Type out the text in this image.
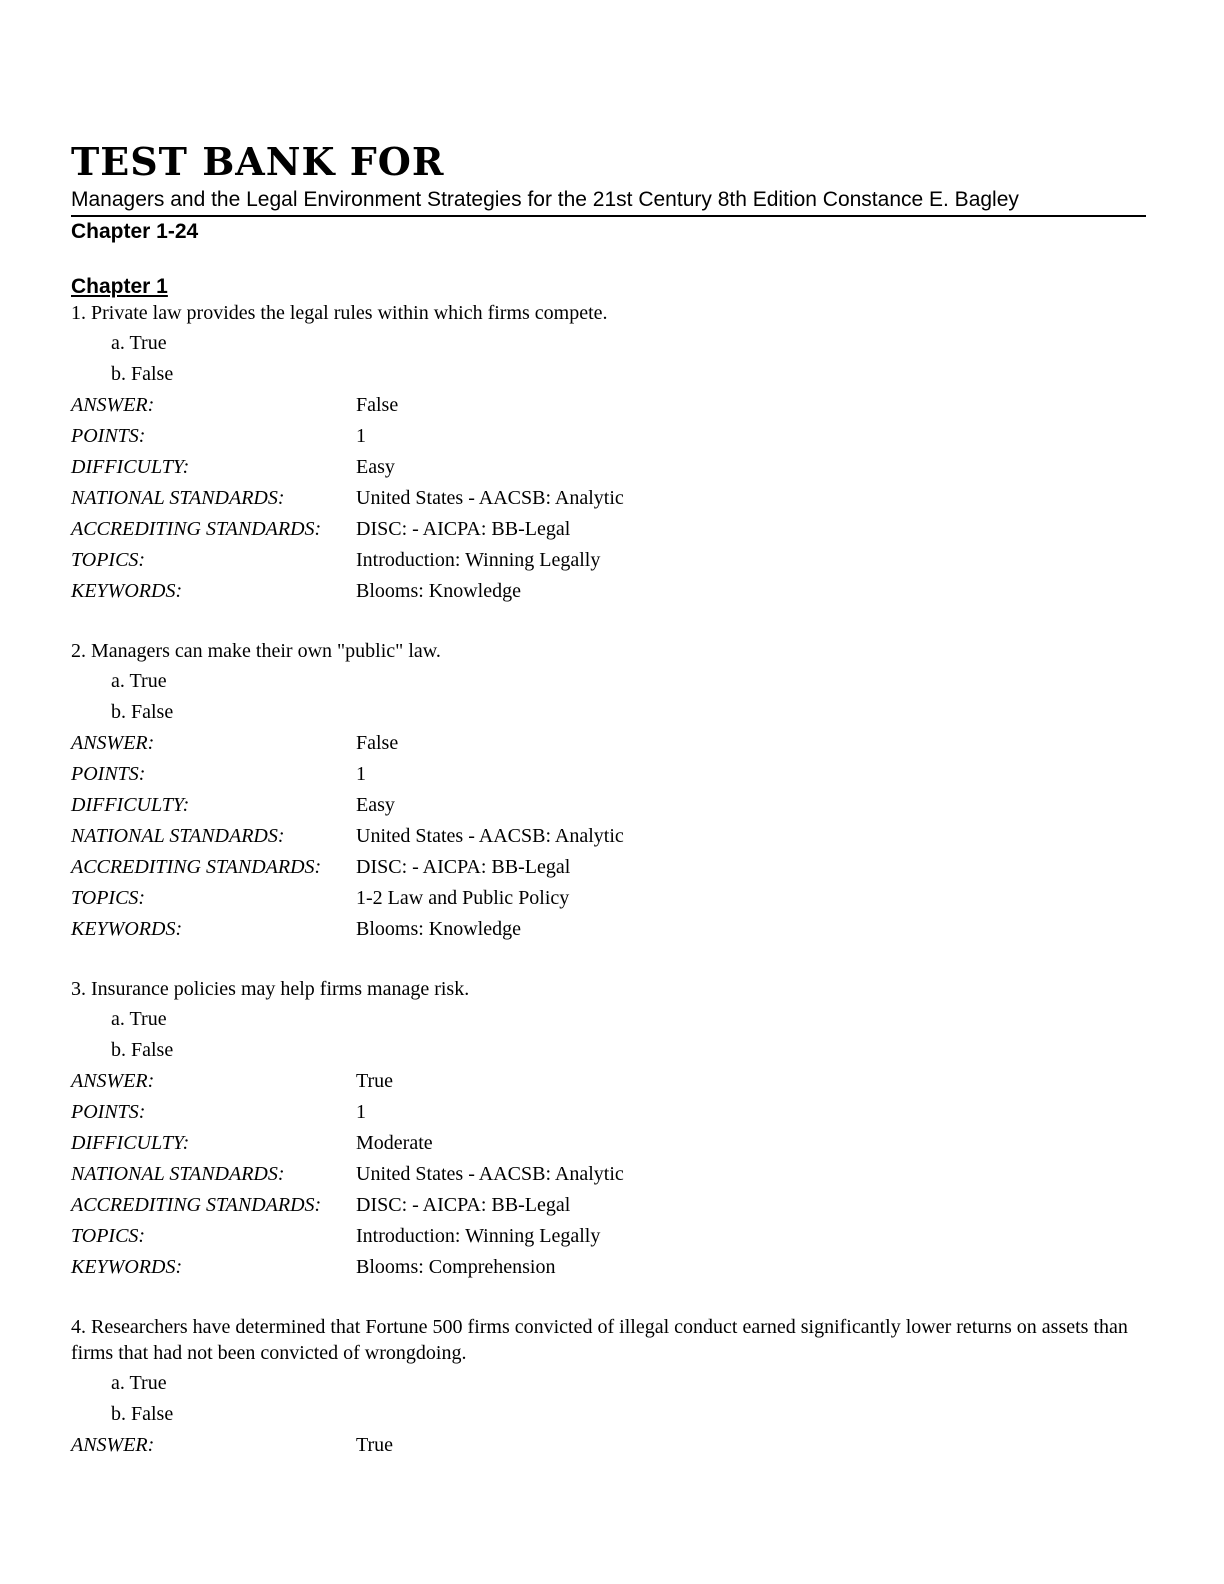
TEST BANK FOR
Managers and the Legal Environment Strategies for the 21st Century 8th Edition Constance E. Bagley
Chapter 1-24
Chapter 1

1. Private law provides the legal rules within which firms compete.

a. True
b. False
ANSWER:	False
POINTS:	1
DIFFICULTY:	Easy
NATIONAL STANDARDS:	United States - AACSB: Analytic
ACCREDITING STANDARDS:	DISC: - AICPA: BB-Legal
TOPICS:	Introduction: Winning Legally
KEYWORDS:	Blooms: Knowledge

2. Managers can make their own "public" law.

a. True
b. False
ANSWER:	False
POINTS:	1
DIFFICULTY:	Easy
NATIONAL STANDARDS:	United States - AACSB: Analytic
ACCREDITING STANDARDS:	DISC: - AICPA: BB-Legal
TOPICS:	1-2 Law and Public Policy
KEYWORDS:	Blooms: Knowledge

3. Insurance policies may help firms manage risk.

a. True
b. False
ANSWER:	True
POINTS:	1
DIFFICULTY:	Moderate
NATIONAL STANDARDS:	United States - AACSB: Analytic
ACCREDITING STANDARDS:	DISC: - AICPA: BB-Legal
TOPICS:	Introduction: Winning Legally
KEYWORDS:	Blooms: Comprehension

4. Researchers have determined that Fortune 500 firms convicted of illegal conduct earned significantly lower returns on assets than firms that had not been convicted of wrongdoing.

a. True
b. False
ANSWER:	True
